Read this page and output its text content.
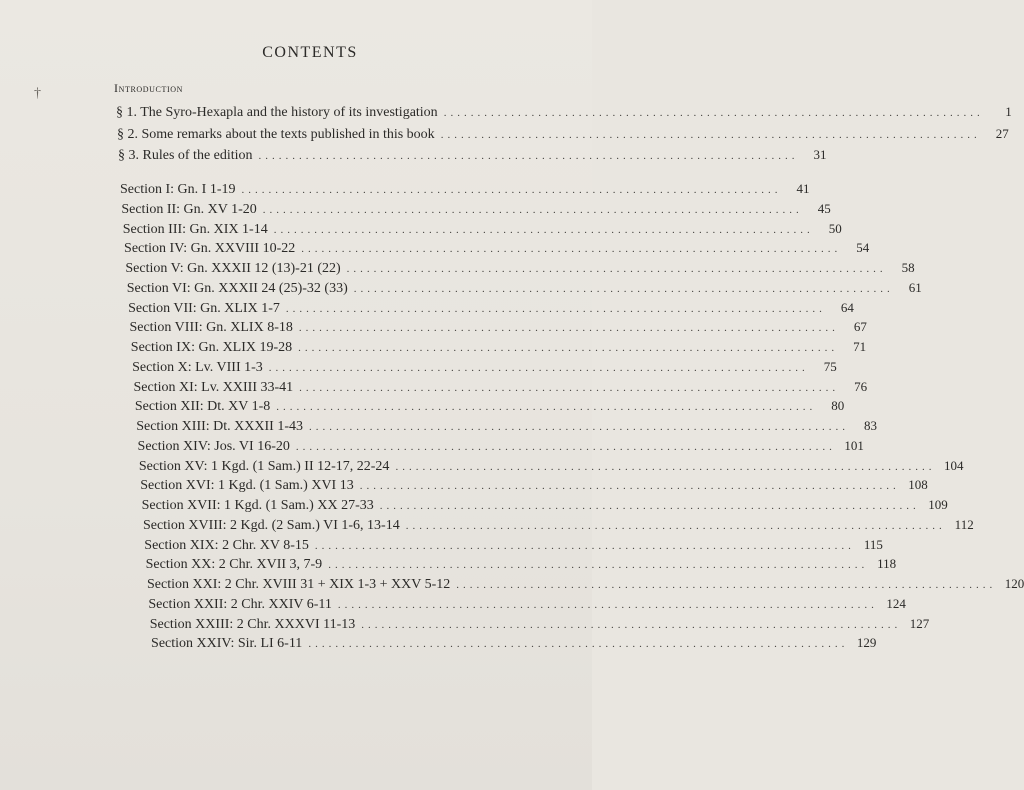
†
CONTENTS
Introduction
§ 1. The Syro-Hexapla and the history of its investigation ................................................................................	1
§ 2. Some remarks about the texts published in this book ................................................................................	27
§ 3. Rules of the edition ................................................................................	31
Section I: Gn. I 1-19 ................................................................................	41
Section II: Gn. XV 1-20 ................................................................................	45
Section III: Gn. XIX 1-14 ................................................................................	50
Section IV: Gn. XXVIII 10-22 ................................................................................	54
Section V: Gn. XXXII 12 (13)-21 (22) ................................................................................	58
Section VI: Gn. XXXII 24 (25)-32 (33) ................................................................................	61
Section VII: Gn. XLIX 1-7 ................................................................................	64
Section VIII: Gn. XLIX 8-18 ................................................................................	67
Section IX: Gn. XLIX 19-28 ................................................................................	71
Section X: Lv. VIII 1-3 ................................................................................	75
Section XI: Lv. XXIII 33-41 ................................................................................	76
Section XII: Dt. XV 1-8 ................................................................................	80
Section XIII: Dt. XXXII 1-43 ................................................................................	83
Section XIV: Jos. VI 16-20 ................................................................................ 101
Section XV: 1 Kgd. (1 Sam.) II 12-17, 22-24 ................................................................................ 104
Section XVI: 1 Kgd. (1 Sam.) XVI 13 ................................................................................ 108
Section XVII: 1 Kgd. (1 Sam.) XX 27-33 ................................................................................ 109
Section XVIII: 2 Kgd. (2 Sam.) VI 1-6, 13-14 ................................................................................ 112
Section XIX: 2 Chr. XV 8-15 ................................................................................ 115
Section XX: 2 Chr. XVII 3, 7-9 ................................................................................ 118
Section XXI: 2 Chr. XVIII 31 + XIX 1-3 + XXV 5-12 ................................................................................ 120
Section XXII: 2 Chr. XXIV 6-11 ................................................................................ 124
Section XXIII: 2 Chr. XXXVI 11-13 ................................................................................ 127
Section XXIV: Sir. LI 6-11 ................................................................................ 129
